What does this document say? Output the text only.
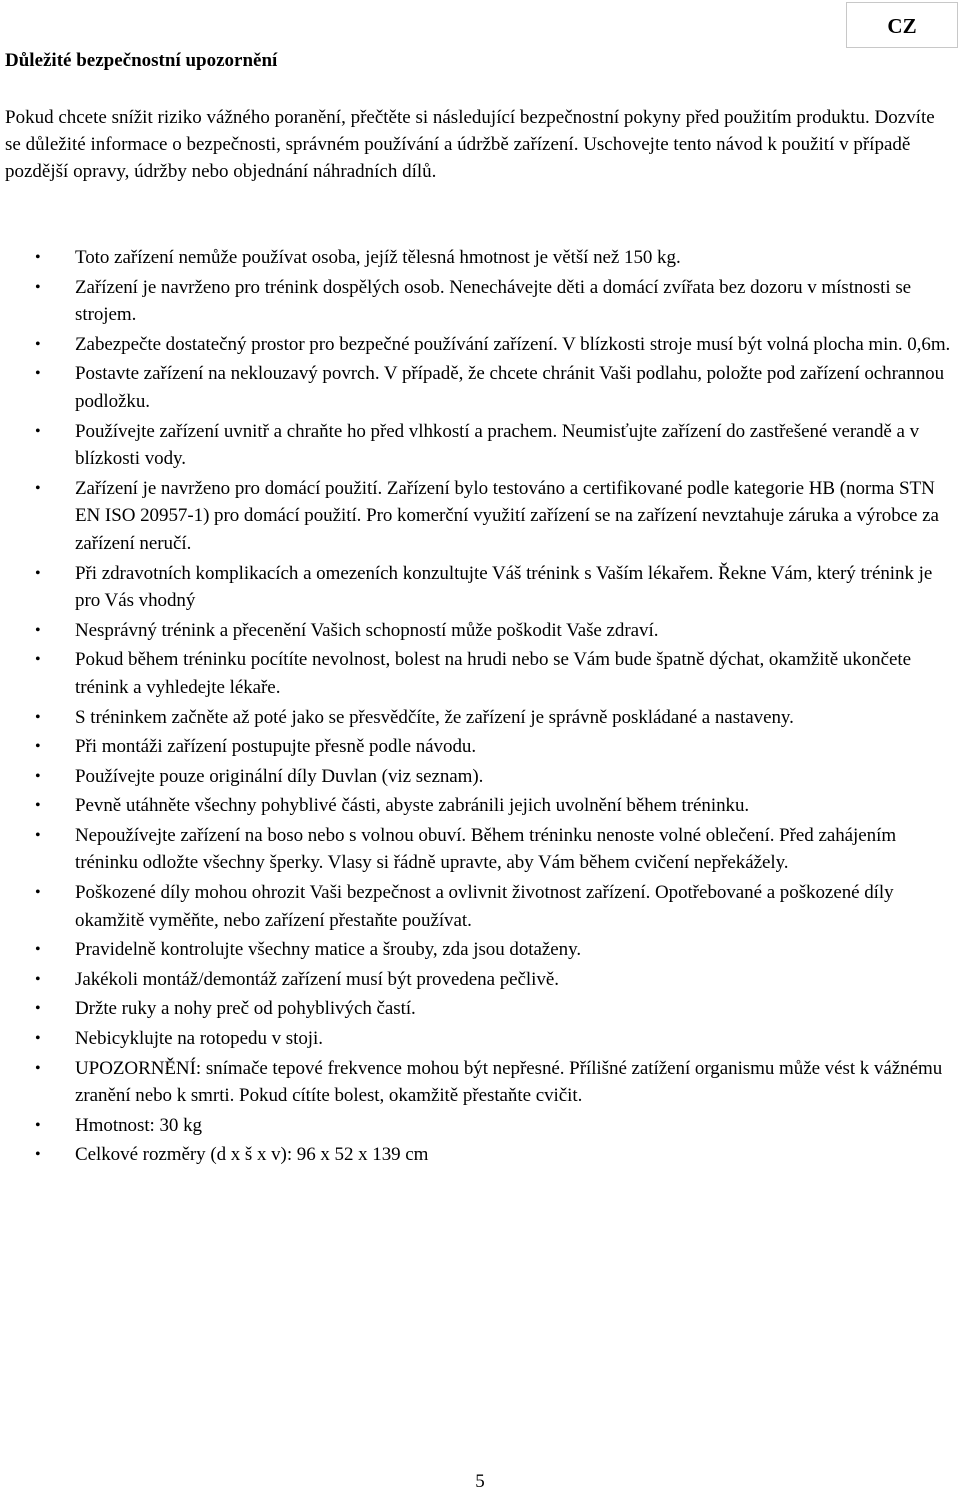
CZ
Důležité bezpečnostní upozornění

Pokud chcete snížit riziko vážného poranění, přečtěte si následující bezpečnostní pokyny před použitím produktu. Dozvíte se důležité informace o bezpečnosti, správném používání a údržbě zařízení. Uschovejte tento návod k použití v případě pozdější opravy, údržby nebo objednání náhradních dílů.

• Toto zařízení nemůže používat osoba, jejíž tělesná hmotnost je větší než 150 kg.
• Zařízení je navrženo pro trénink dospělých osob. Nenechávejte děti a domácí zvířata bez dozoru v místnosti se strojem.
• Zabezpečte dostatečný prostor pro bezpečné používání zařízení. V blízkosti stroje musí být volná plocha min. 0,6m.
• Postavte zařízení na neklouzavý povrch. V případě, že chcete chránit Vaši podlahu, položte pod zařízení ochrannou podložku.
• Používejte zařízení uvnitř a chraňte ho před vlhkostí a prachem. Neumisťujte zařízení do zastřešené verandě a v blízkosti vody.
• Zařízení je navrženo pro domácí použití. Zařízení bylo testováno a certifikované podle kategorie HB (norma STN EN ISO 20957-1) pro domácí použití. Pro komerční využití zařízení se na zařízení nevztahuje záruka a výrobce za zařízení neručí.
• Při zdravotních komplikacích a omezeních konzultujte Váš trénink s Vaším lékařem. Řekne Vám, který trénink je pro Vás vhodný
• Nesprávný trénink a přecenění Vašich schopností může poškodit Vaše zdraví.
• Pokud během tréninku pocítíte nevolnost, bolest na hrudi nebo se Vám bude špatně dýchat, okamžitě ukončete trénink a vyhledejte lékaře.
• S tréninkem začněte až poté jako se přesvědčíte, že zařízení je správně poskládané a nastaveny.
• Při montáži zařízení postupujte přesně podle návodu.
• Používejte pouze originální díly Duvlan (viz seznam).
• Pevně utáhněte všechny pohyblivé části, abyste zabránili jejich uvolnění během tréninku.
• Nepoužívejte zařízení na boso nebo s volnou obuví. Během tréninku nenoste volné oblečení. Před zahájením tréninku odložte všechny šperky. Vlasy si řádně upravte, aby Vám během cvičení nepřekážely.
• Poškozené díly mohou ohrozit Vaši bezpečnost a ovlivnit životnost zařízení. Opotřebované a poškozené díly okamžitě vyměňte, nebo zařízení přestaňte používat.
• Pravidelně kontrolujte všechny matice a šrouby, zda jsou dotaženy.
• Jakékoli montáž/demontáž zařízení musí být provedena pečlivě.
• Držte ruky a nohy preč od pohyblivých častí.
• Nebicyklujte na rotopedu v stoji.
• UPOZORNĚNÍ: snímače tepové frekvence mohou být nepřesné. Přílišné zatížení organismu může vést k vážnému zranění nebo k smrti. Pokud cítíte bolest, okamžitě přestaňte cvičit.
• Hmotnost: 30 kg
• Celkové rozměry (d x š x v): 96 x 52 x 139 cm
5
